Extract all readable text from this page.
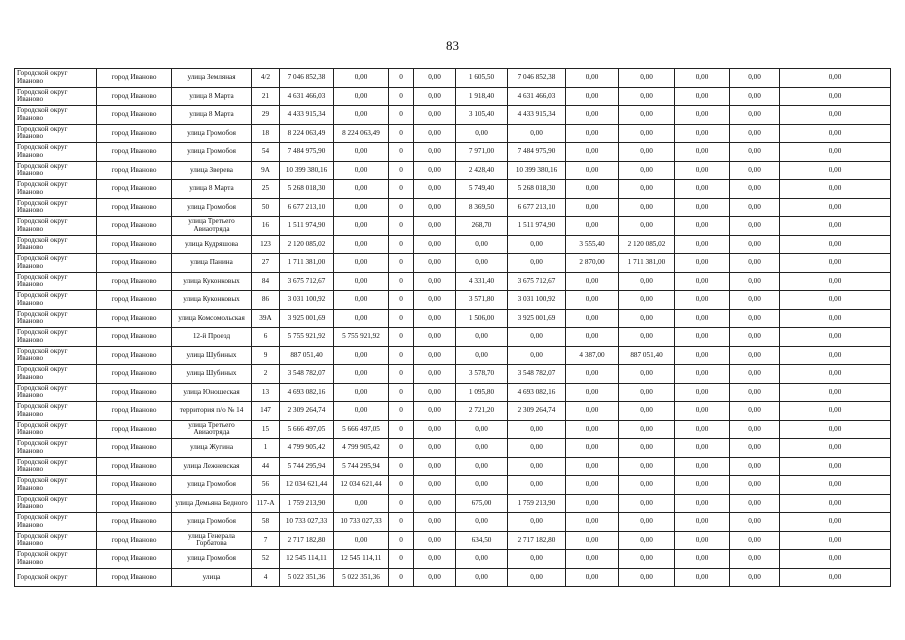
83
Городской округ Иваново	город Иваново	улица Земляная	4/2	7 046 852,38	0,00	0	0,00	1 605,50	7 046 852,38	0,00	0,00	0,00	0,00	0,00
Городской округ Иваново	город Иваново	улица 8 Марта	21	4 631 466,03	0,00	0	0,00	1 918,40	4 631 466,03	0,00	0,00	0,00	0,00	0,00
Городской округ Иваново	город Иваново	улица 8 Марта	29	4 433 915,34	0,00	0	0,00	3 105,40	4 433 915,34	0,00	0,00	0,00	0,00	0,00
Городской округ Иваново	город Иваново	улица Громобоя	18	8 224 063,49	8 224 063,49	0	0,00	0,00	0,00	0,00	0,00	0,00	0,00	0,00
Городской округ Иваново	город Иваново	улица Громобоя	54	7 484 975,90	0,00	0	0,00	7 971,00	7 484 975,90	0,00	0,00	0,00	0,00	0,00
Городской округ Иваново	город Иваново	улица Зверева	9А	10 399 380,16	0,00	0	0,00	2 428,40	10 399 380,16	0,00	0,00	0,00	0,00	0,00
Городской округ Иваново	город Иваново	улица 8 Марта	25	5 268 018,30	0,00	0	0,00	5 749,40	5 268 018,30	0,00	0,00	0,00	0,00	0,00
Городской округ Иваново	город Иваново	улица Громобоя	50	6 677 213,10	0,00	0	0,00	8 369,50	6 677 213,10	0,00	0,00	0,00	0,00	0,00
Городской округ Иваново	город Иваново	улица Третьего Авиаотряда	16	1 511 974,90	0,00	0	0,00	268,70	1 511 974,90	0,00	0,00	0,00	0,00	0,00
Городской округ Иваново	город Иваново	улица Кудряшова	123	2 120 085,02	0,00	0	0,00	0,00	0,00	3 555,40	2 120 085,02	0,00	0,00	0,00
Городской округ Иваново	город Иваново	улица Панина	27	1 711 381,00	0,00	0	0,00	0,00	0,00	2 870,00	1 711 381,00	0,00	0,00	0,00
Городской округ Иваново	город Иваново	улица Куконковых	84	3 675 712,67	0,00	0	0,00	4 331,40	3 675 712,67	0,00	0,00	0,00	0,00	0,00
Городской округ Иваново	город Иваново	улица Куконковых	86	3 031 100,92	0,00	0	0,00	3 571,80	3 031 100,92	0,00	0,00	0,00	0,00	0,00
Городской округ Иваново	город Иваново	улица Комсомольская	39А	3 925 001,69	0,00	0	0,00	1 506,00	3 925 001,69	0,00	0,00	0,00	0,00	0,00
Городской округ Иваново	город Иваново	12-й Проезд	6	5 755 921,92	5 755 921,92	0	0,00	0,00	0,00	0,00	0,00	0,00	0,00	0,00
Городской округ Иваново	город Иваново	улица Шубиных	9	887 051,40	0,00	0	0,00	0,00	0,00	4 387,00	887 051,40	0,00	0,00	0,00
Городской округ Иваново	город Иваново	улица Шубиных	2	3 548 782,07	0,00	0	0,00	3 578,70	3 548 782,07	0,00	0,00	0,00	0,00	0,00
Городской округ Иваново	город Иваново	улица Юношеская	13	4 693 082,16	0,00	0	0,00	1 095,80	4 693 082,16	0,00	0,00	0,00	0,00	0,00
Городской округ Иваново	город Иваново	территория п/о № 14	147	2 309 264,74	0,00	0	0,00	2 721,20	2 309 264,74	0,00	0,00	0,00	0,00	0,00
Городской округ Иваново	город Иваново	улица Третьего Авиаотряда	15	5 666 497,05	5 666 497,05	0	0,00	0,00	0,00	0,00	0,00	0,00	0,00	0,00
Городской округ Иваново	город Иваново	улица Жугина	1	4 799 905,42	4 799 905,42	0	0,00	0,00	0,00	0,00	0,00	0,00	0,00	0,00
Городской округ Иваново	город Иваново	улица Лежневская	44	5 744 295,94	5 744 295,94	0	0,00	0,00	0,00	0,00	0,00	0,00	0,00	0,00
Городской округ Иваново	город Иваново	улица Громобоя	56	12 034 621,44	12 034 621,44	0	0,00	0,00	0,00	0,00	0,00	0,00	0,00	0,00
Городской округ Иваново	город Иваново	улица Демьяна Бедного	117-А	1 759 213,90	0,00	0	0,00	675,00	1 759 213,90	0,00	0,00	0,00	0,00	0,00
Городской округ Иваново	город Иваново	улица Громобоя	58	10 733 027,33	10 733 027,33	0	0,00	0,00	0,00	0,00	0,00	0,00	0,00	0,00
Городской округ Иваново	город Иваново	улица Генерала Горбатова	7	2 717 182,80	0,00	0	0,00	634,50	2 717 182,80	0,00	0,00	0,00	0,00	0,00
Городской округ Иваново	город Иваново	улица Громобоя	52	12 545 114,11	12 545 114,11	0	0,00	0,00	0,00	0,00	0,00	0,00	0,00	0,00
Городской округ	город Иваново	улица	4	5 022 351,36	5 022 351,36	0	0,00	0,00	0,00	0,00	0,00	0,00	0,00	0,00
